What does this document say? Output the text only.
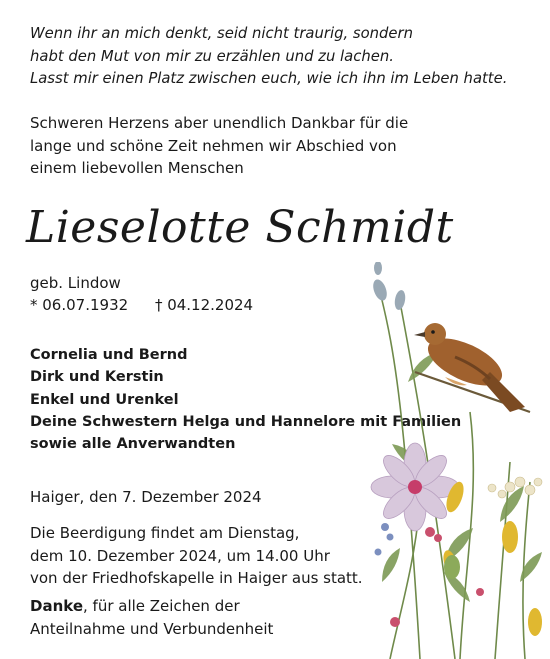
Wenn ihr an mich denkt, seid nicht traurig, sondern
habt den Mut von mir zu erzählen und zu lachen.
Lasst mir einen Platz zwischen euch, wie ich ihn im Leben hatte.
Schweren Herzens aber unendlich Dankbar für die
lange und schöne Zeit nehmen wir Abschied von
einem liebevollen Menschen
Lieselotte Schmidt
geb. Lindow
* 06.07.1932 † 04.12.2024
Cornelia und Bernd
Dirk und Kerstin
Enkel und Urenkel
Deine Schwestern Helga und Hannelore mit Familien
sowie alle Anverwandten
Haiger, den 7. Dezember 2024
Die Beerdigung findet am Dienstag,
dem 10. Dezember 2024, um 14.00 Uhr
von der Friedhofskapelle in Haiger aus statt.
Danke, für alle Zeichen der
Anteilnahme und Verbundenheit
